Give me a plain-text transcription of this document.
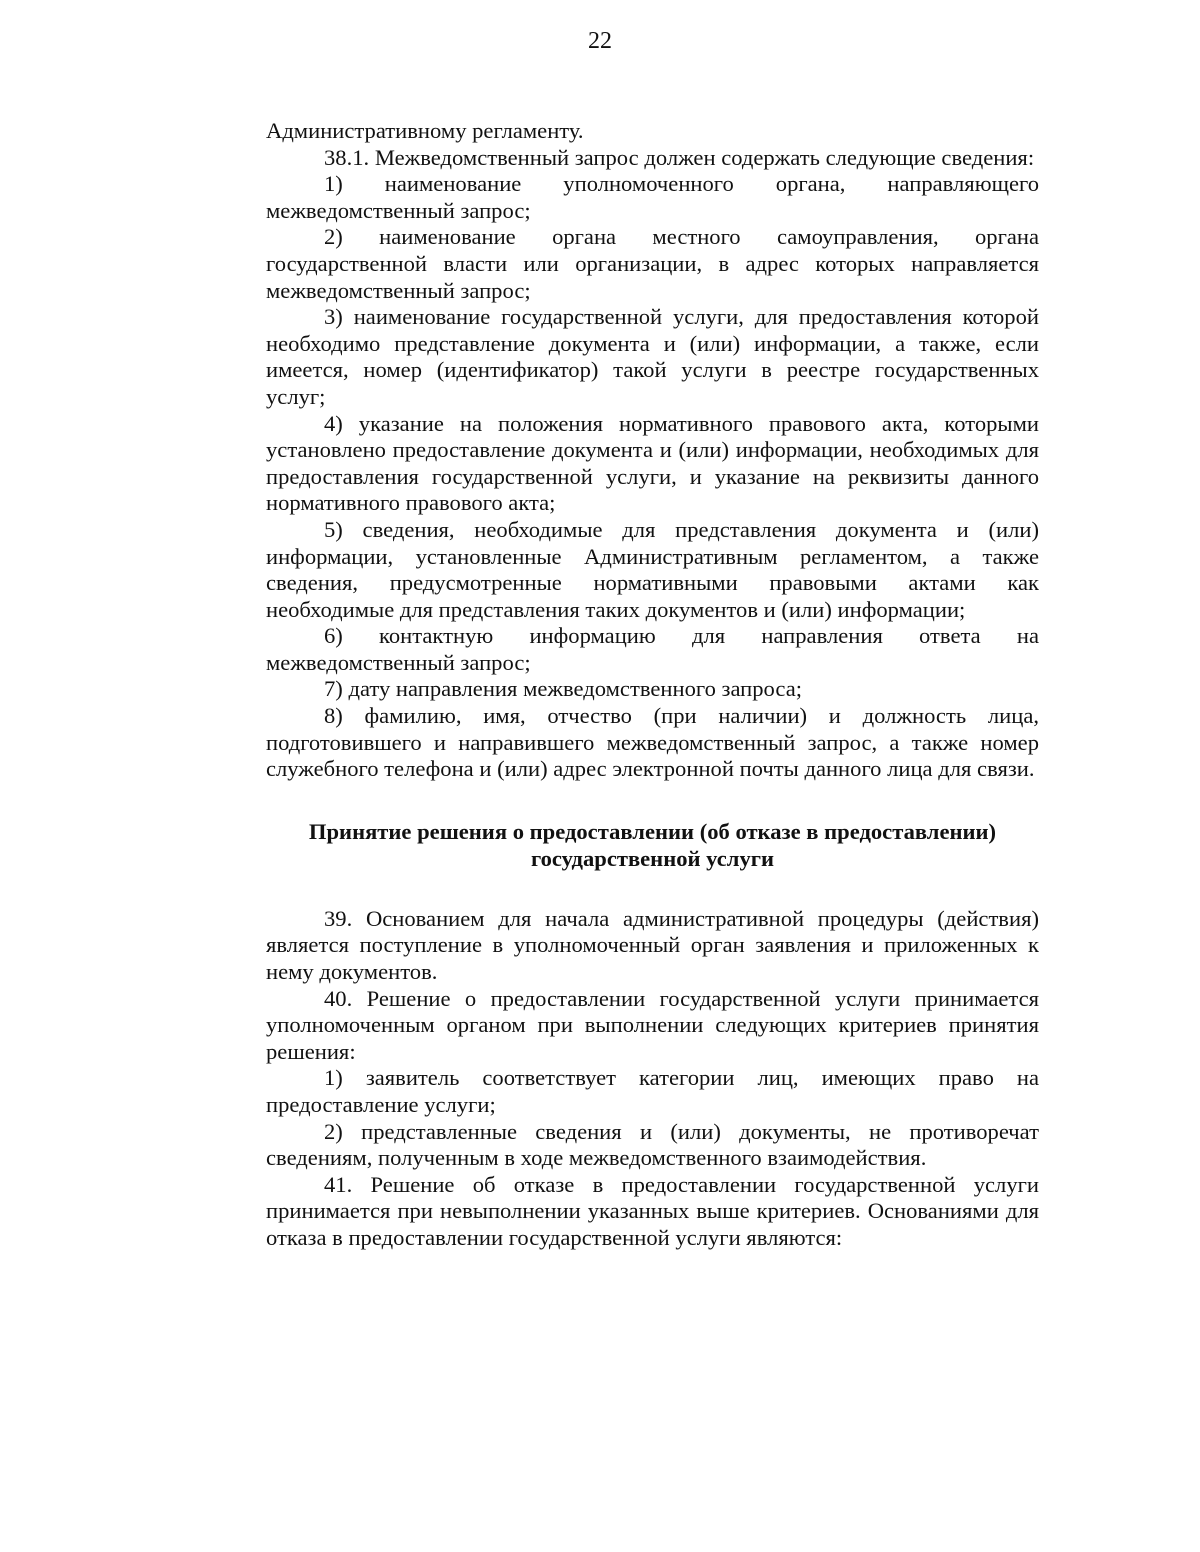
22

Административному регламенту.

38.1. Межведомственный запрос должен содержать следующие сведения:

1) наименование уполномоченного органа, направляющего межведомственный запрос;

2) наименование органа местного самоуправления, органа государственной власти или организации, в адрес которых направляется межведомственный запрос;

3) наименование государственной услуги, для предоставления которой необходимо представление документа и (или) информации, а также, если имеется, номер (идентификатор) такой услуги в реестре государственных услуг;

4) указание на положения нормативного правового акта, которыми установлено предоставление документа и (или) информации, необходимых для предоставления государственной услуги, и указание на реквизиты данного нормативного правового акта;

5) сведения, необходимые для представления документа и (или) информации, установленные Административным регламентом, а также сведения, предусмотренные нормативными правовыми актами как необходимые для представления таких документов и (или) информации;

6) контактную информацию для направления ответа на межведомственный запрос;

7) дату направления межведомственного запроса;

8) фамилию, имя, отчество (при наличии) и должность лица, подготовившего и направившего межведомственный запрос, а также номер служебного телефона и (или) адрес электронной почты данного лица для связи.

Принятие решения о предоставлении (об отказе в предоставлении)
государственной услуги

39. Основанием для начала административной процедуры (действия) является поступление в уполномоченный орган заявления и приложенных к нему документов.

40. Решение о предоставлении государственной услуги принимается уполномоченным органом при выполнении следующих критериев принятия решения:

1) заявитель соответствует категории лиц, имеющих право на предоставление услуги;

2) представленные сведения и (или) документы, не противоречат сведениям, полученным в ходе межведомственного взаимодействия.

41. Решение об отказе в предоставлении государственной услуги принимается при невыполнении указанных выше критериев. Основаниями для отказа в предоставлении государственной услуги являются:
